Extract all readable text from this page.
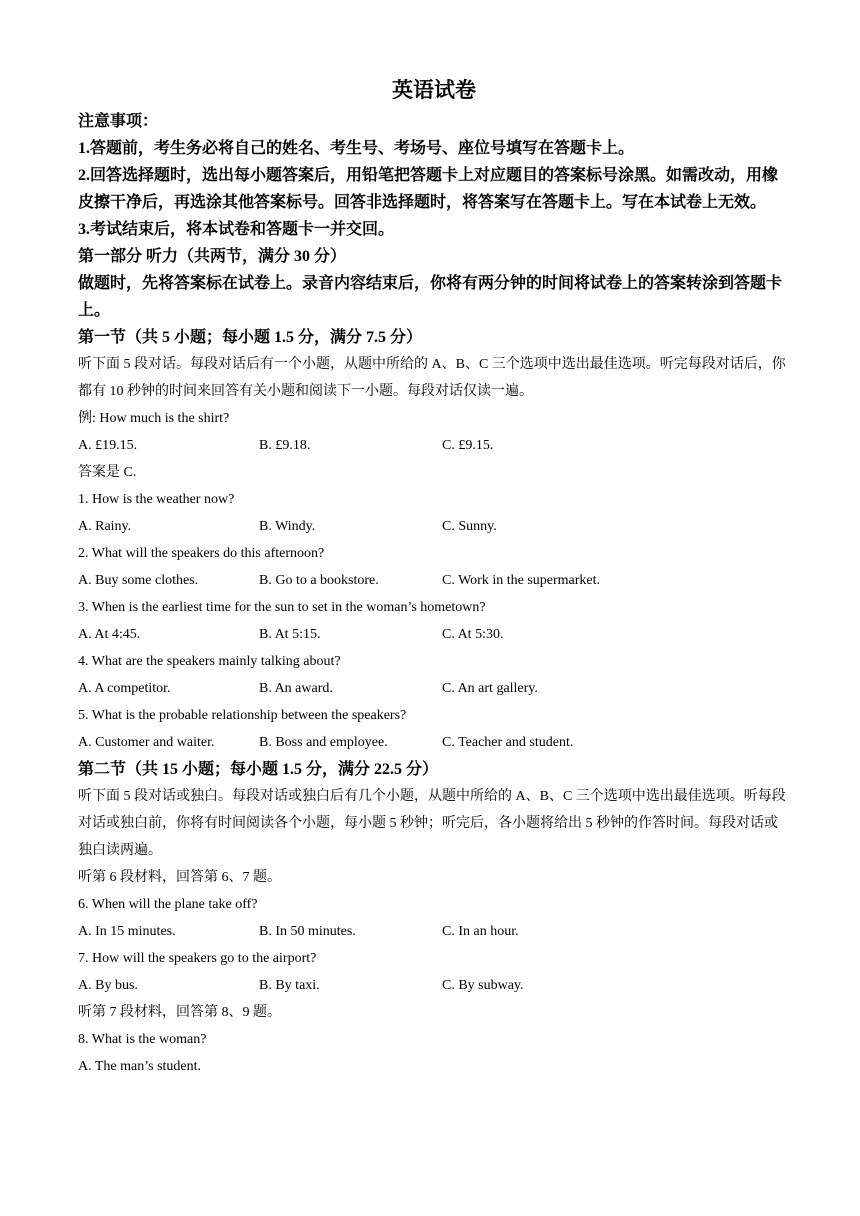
英语试卷

注意事项：

1.答题前，考生务必将自己的姓名、考生号、考场号、座位号填写在答题卡上。

2.回答选择题时，选出每小题答案后，用铅笔把答题卡上对应题目的答案标号涂黑。如需改动，用橡皮擦干净后，再选涂其他答案标号。回答非选择题时，将答案写在答题卡上。写在本试卷上无效。

3.考试结束后，将本试卷和答题卡一并交回。

第一部分 听力（共两节，满分 30 分）

做题时，先将答案标在试卷上。录音内容结束后，你将有两分钟的时间将试卷上的答案转涂到答题卡上。

第一节（共 5 小题；每小题 1.5 分，满分 7.5 分）

听下面 5 段对话。每段对话后有一个小题，从题中所给的 A、B、C 三个选项中选出最佳选项。听完每段对话后，你都有 10 秒钟的时间来回答有关小题和阅读下一小题。每段对话仅读一遍。

例: How much is the shirt?

A. £19.15.	B. £9.18.	C. £9.15.

答案是 C.

1. How is the weather now?

A. Rainy.	B. Windy.	C. Sunny.

2. What will the speakers do this afternoon?

A. Buy some clothes.	B. Go to a bookstore.	C. Work in the supermarket.

3. When is the earliest time for the sun to set in the woman’s hometown?

A. At 4:45.	B. At 5:15.	C. At 5:30.

4. What are the speakers mainly talking about?

A. A competitor.	B. An award.	C. An art gallery.

5. What is the probable relationship between the speakers?

A. Customer and waiter.	B. Boss and employee.	C. Teacher and student.

第二节（共 15 小题；每小题 1.5 分，满分 22.5 分）

听下面 5 段对话或独白。每段对话或独白后有几个小题，从题中所给的 A、B、C 三个选项中选出最佳选项。听每段对话或独白前，你将有时间阅读各个小题，每小题 5 秒钟；听完后，各小题将给出 5 秒钟的作答时间。每段对话或独白读两遍。

听第 6 段材料，回答第 6、7 题。

6. When will the plane take off?

A. In 15 minutes.	B. In 50 minutes.	C. In an hour.

7. How will the speakers go to the airport?

A. By bus.	B. By taxi.	C. By subway.

听第 7 段材料，回答第 8、9 题。

8. What is the woman?

A. The man’s student.
